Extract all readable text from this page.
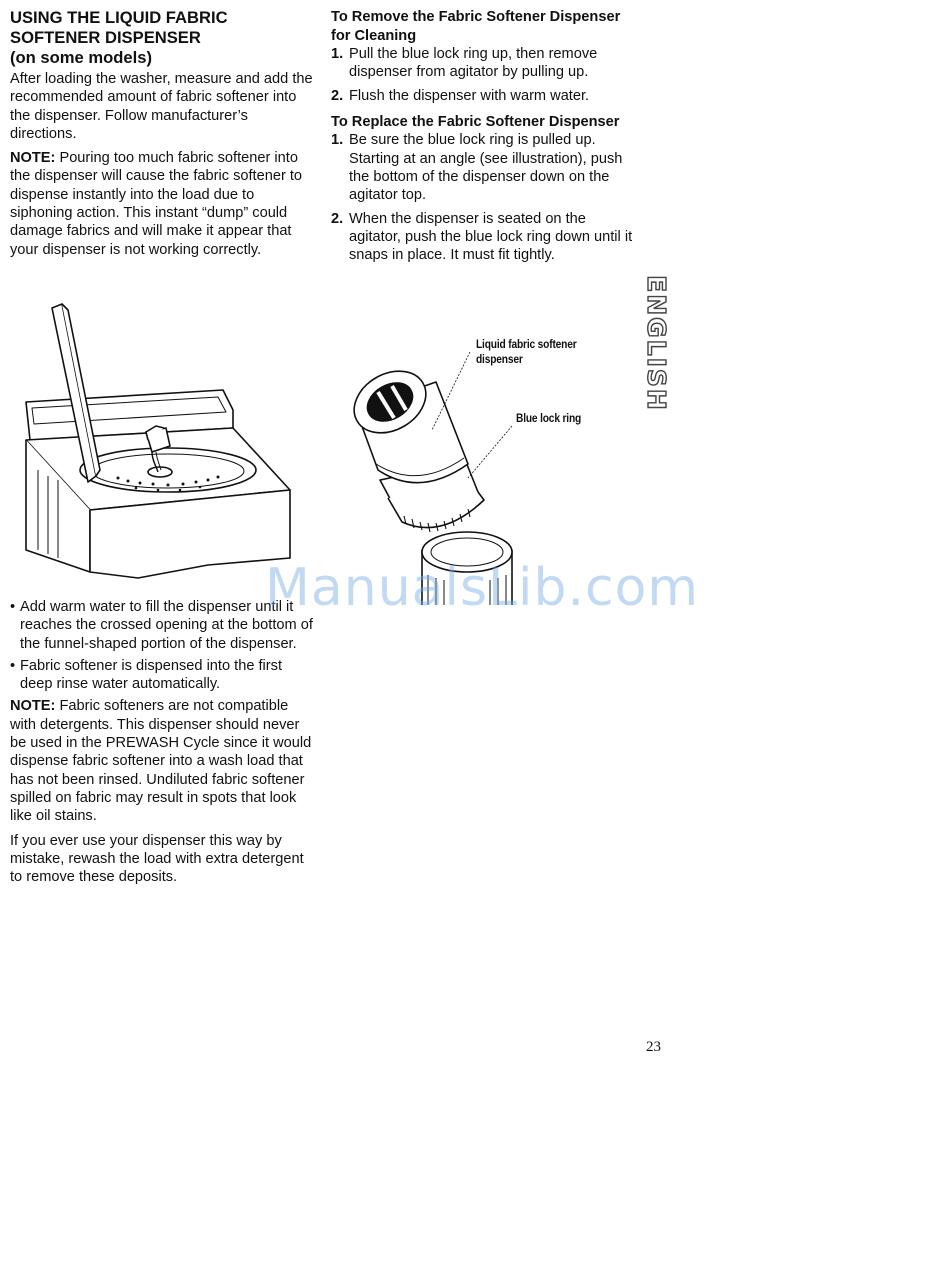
USING THE LIQUID FABRIC
SOFTENER DISPENSER
(on some models)

After loading the washer, measure and add the recommended amount of fabric softener into the dispenser. Follow manufacturer’s directions.

NOTE: Pouring too much fabric softener into the dispenser will cause the fabric softener to dispense instantly into the load due to siphoning action. This instant “dump” could damage fabrics and will make it appear that your dispenser is not working correctly.

• Add warm water to fill the dispenser until it reaches the crossed opening at the bottom of the funnel-shaped portion of the dispenser.
• Fabric softener is dispensed into the first deep rinse water automatically.

NOTE: Fabric softeners are not compatible with detergents. This dispenser should never be used in the PREWASH Cycle since it would dispense fabric softener into a wash load that has not been rinsed. Undiluted fabric softener spilled on fabric may result in spots that look like oil stains.

If you ever use your dispenser this way by mistake, rewash the load with extra detergent to remove these deposits.

To Remove the Fabric Softener Dispenser for Cleaning
1. Pull the blue lock ring up, then remove dispenser from agitator by pulling up.
2. Flush the dispenser with warm water.
To Replace the Fabric Softener Dispenser
1. Be sure the blue lock ring is pulled up. Starting at an angle (see illustration), push the bottom of the dispenser down on the agitator top.
2. When the dispenser is seated on the agitator, push the blue lock ring down until it snaps in place. It must fit tightly.
Liquid fabric softener
dispenser
Blue lock ring
ManualsLib.com
ENGLISH
23
